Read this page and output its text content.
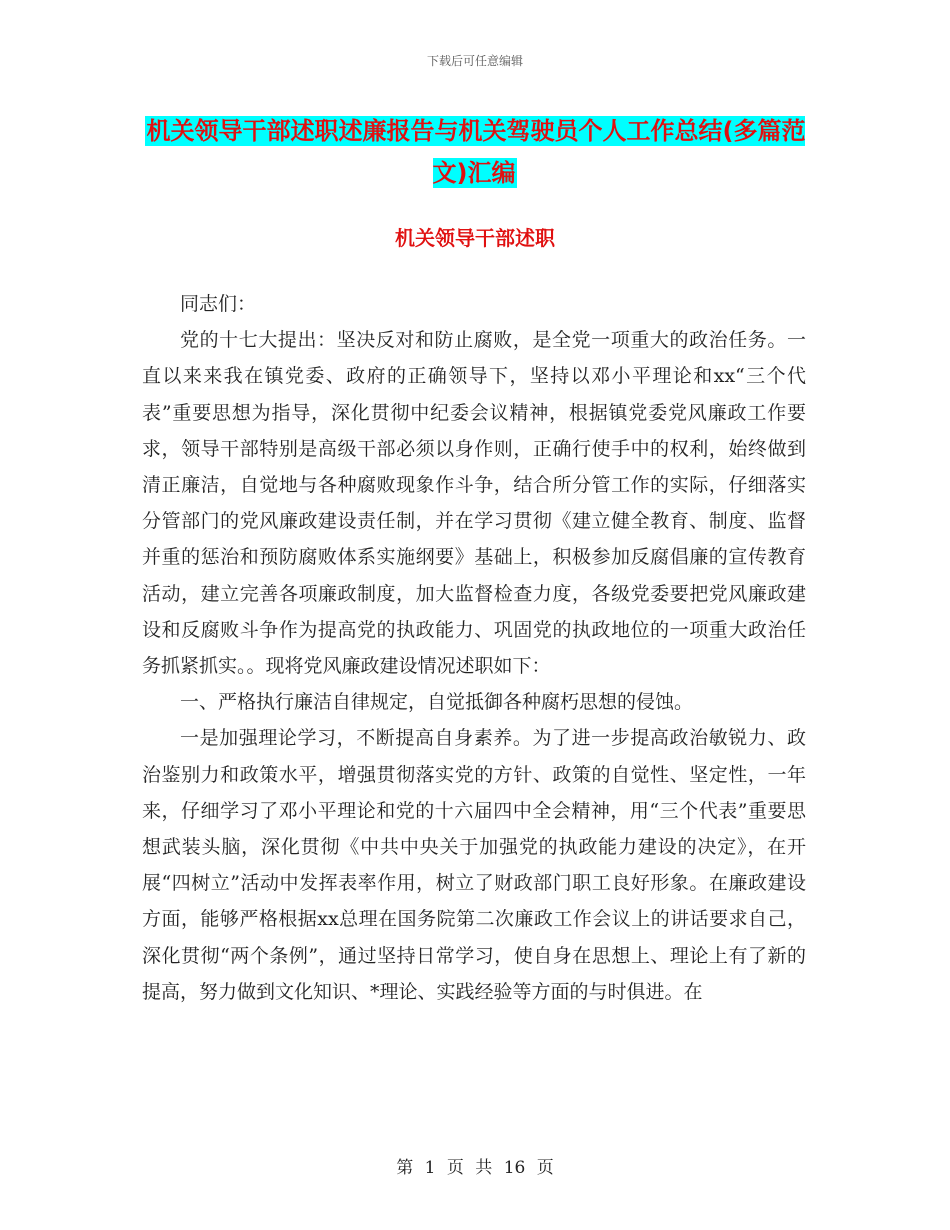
下载后可任意编辑
机关领导干部述职述廉报告与机关驾驶员个人工作总结(多篇范文)汇编
机关领导干部述职

同志们：

党的十七大提出：坚决反对和防止腐败，是全党一项重大的政治任务。一直以来来我在镇党委、政府的正确领导下，坚持以邓小平理论和xx“三个代表”重要思想为指导，深化贯彻中纪委会议精神，根据镇党委党风廉政工作要求，领导干部特别是高级干部必须以身作则，正确行使手中的权利，始终做到清正廉洁，自觉地与各种腐败现象作斗争，结合所分管工作的实际，仔细落实分管部门的党风廉政建设责任制，并在学习贯彻《建立健全教育、制度、监督并重的惩治和预防腐败体系实施纲要》基础上，积极参加反腐倡廉的宣传教育活动，建立完善各项廉政制度，加大监督检查力度，各级党委要把党风廉政建设和反腐败斗争作为提高党的执政能力、巩固党的执政地位的一项重大政治任务抓紧抓实。。现将党风廉政建设情况述职如下：

一、严格执行廉洁自律规定，自觉抵御各种腐朽思想的侵蚀。

一是加强理论学习，不断提高自身素养。为了进一步提高政治敏锐力、政治鉴别力和政策水平，增强贯彻落实党的方针、政策的自觉性、坚定性，一年来，仔细学习了邓小平理论和党的十六届四中全会精神，用“三个代表”重要思想武装头脑，深化贯彻《中共中央关于加强党的执政能力建设的决定》，在开展“四树立”活动中发挥表率作用，树立了财政部门职工良好形象。在廉政建设方面，能够严格根据xx总理在国务院第二次廉政工作会议上的讲话要求自己，深化贯彻“两个条例”，通过坚持日常学习，使自身在思想上、理论上有了新的提高，努力做到文化知识、*理论、实践经验等方面的与时俱进。在

第 1 页 共 16 页
